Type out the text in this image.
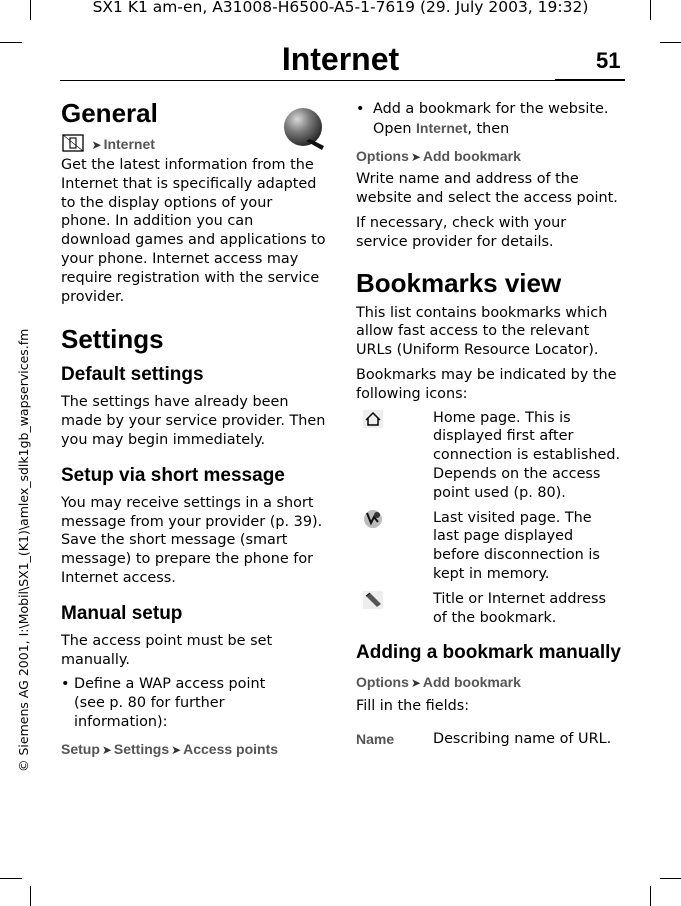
SX1 K1 am-en, A31008-H6500-A5-1-7619 (29. July 2003, 19:32)
© Siemens AG 2001, I:\Mobil\SX1_(K1)\amlex_sdlk1gb_wapservices.fm
Internet	51
General
➤ Internet

Get the latest information from the Internet that is specifically adapted to the display options of your phone. In addition you can download games and applications to your phone. Internet access may require registration with the service provider.

Settings
Default settings

The settings have already been made by your service provider. Then you may begin immediately.

Setup via short message

You may receive settings in a short message from your provider (p. 39). Save the short message (smart message) to prepare the phone for Internet access.

Manual setup

The access point must be set manually.

• Define a WAP access point (see p. 80 for further information):
Setup ➤ Settings ➤ Access points
• Add a bookmark for the website. Open Internet, then
Options ➤ Add bookmark

Write name and address of the website and select the access point.

If necessary, check with your service provider for details.

Bookmarks view

This list contains bookmarks which allow fast access to the relevant URLs (Uniform Resource Locator).

Bookmarks may be indicated by the following icons:

Home page. This is displayed first after connection is established. Depends on the access point used (p. 80).
Last visited page. The last page displayed before disconnection is kept in memory.
Title or Internet address of the bookmark.
Adding a bookmark manually
Options ➤ Add bookmark

Fill in the fields:

Name	Describing name of URL.
